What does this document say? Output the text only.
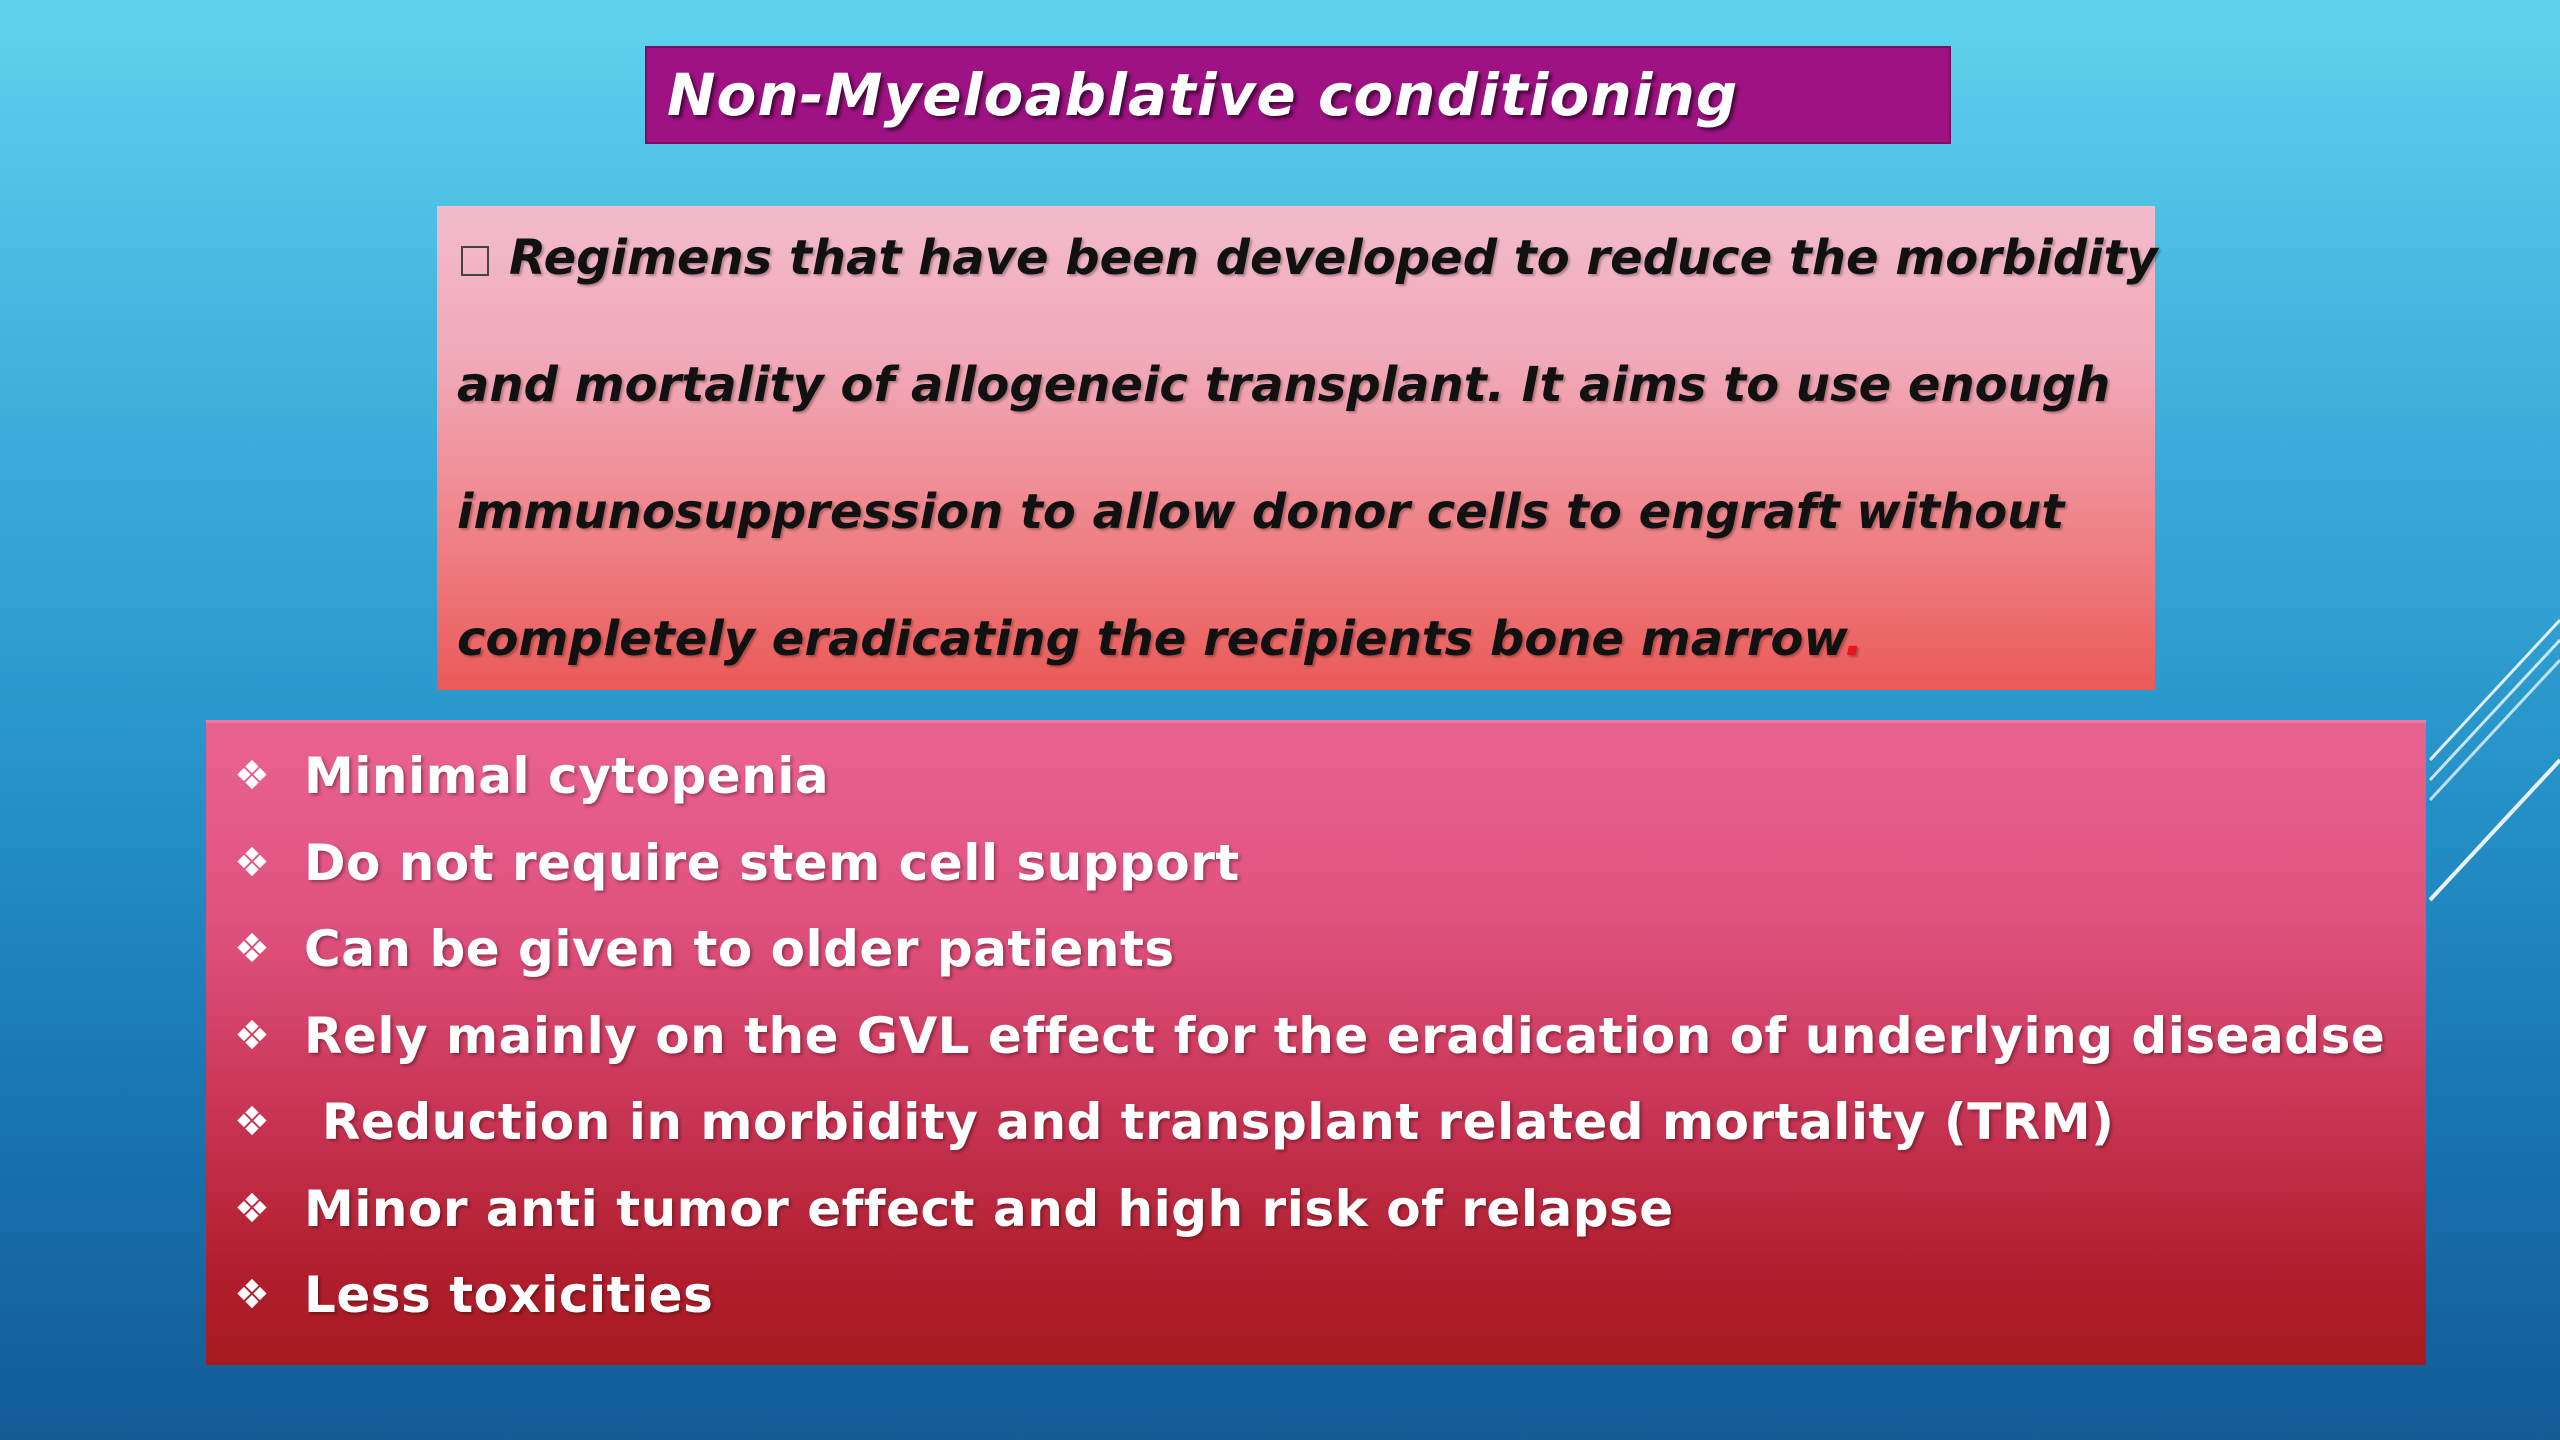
Non-Myeloablative conditioning
Regimens that have been developed to reduce the morbidity
and mortality of allogeneic transplant. It aims to use enough
immunosuppression to allow donor cells to engraft without
completely eradicating the recipients bone marrow.
❖ Minimal cytopenia
❖ Do not require stem cell support
❖ Can be given to older patients
❖ Rely mainly on the GVL effect for the eradication of underlying diseadse
❖ Reduction in morbidity and transplant related mortality (TRM)
❖ Minor anti tumor effect and high risk of relapse
❖ Less toxicities
